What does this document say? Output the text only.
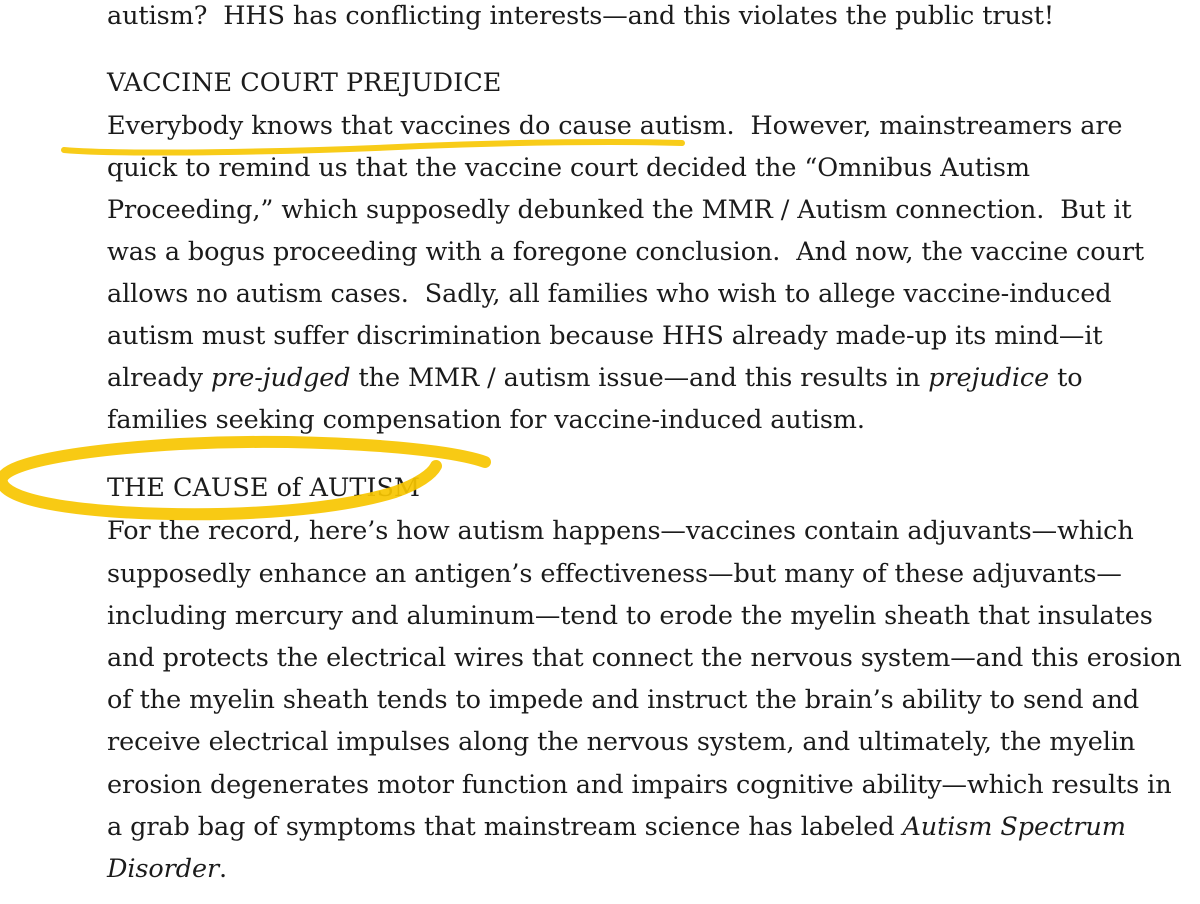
autism?  HHS has conflicting interests—and this violates the public trust!
VACCINE COURT PREJUDICE
Everybody knows that vaccines do cause autism.  However, mainstreamers are
quick to remind us that the vaccine court decided the “Omnibus Autism
Proceeding,” which supposedly debunked the MMR / Autism connection.  But it
was a bogus proceeding with a foregone conclusion.  And now, the vaccine court
allows no autism cases.  Sadly, all families who wish to allege vaccine-induced
autism must suffer discrimination because HHS already made-up its mind—it
already pre-judged the MMR / autism issue—and this results in prejudice to
families seeking compensation for vaccine-induced autism.
THE CAUSE of AUTISM
For the record, here’s how autism happens—vaccines contain adjuvants—which
supposedly enhance an antigen’s effectiveness—but many of these adjuvants—
including mercury and aluminum—tend to erode the myelin sheath that insulates
and protects the electrical wires that connect the nervous system—and this erosion
of the myelin sheath tends to impede and instruct the brain’s ability to send and
receive electrical impulses along the nervous system, and ultimately, the myelin
erosion degenerates motor function and impairs cognitive ability—which results in
a grab bag of symptoms that mainstream science has labeled Autism Spectrum
Disorder.
